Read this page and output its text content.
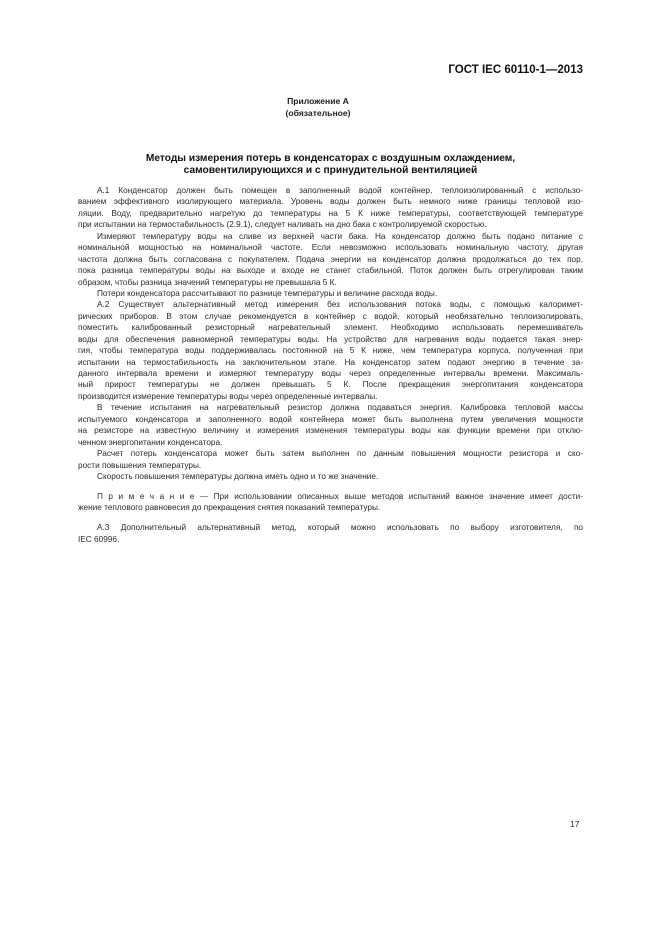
ГОСТ IEC 60110-1—2013
Приложение А
(обязательное)
Методы измерения потерь в конденсаторах с воздушным охлаждением,
самовентилирующихся и с принудительной вентиляцией
А.1 Конденсатор должен быть помещен в заполненный водой контейнер, теплоизолированный с использо-
ванием эффективного изолирующего материала. Уровень воды должен быть немного ниже границы тепловой изо-
ляции. Воду, предварительно нагретую до температуры на 5 К ниже температуры, соответствующей температуре
при испытании на термостабильность (2.9.1), следует наливать на дно бака с контролируемой скоростью.
Измеряют температуру воды на сливе из верхней части бака. На конденсатор должно быть подано питание с
номинальной мощностью на номинальной частоте. Если невозможно использовать номинальную частоту, другая
частота должна быть согласована с покупателем. Подача энергии на конденсатор должна продолжаться до тех пор,
пока разница температуры воды на выходе и входе не станет стабильной. Поток должен быть отрегулирован таким
образом, чтобы разница значений температуры не превышала 5 К.
Потери конденсатора рассчитывают по разнице температуры и величине расхода воды.
А.2 Существует альтернативный метод измерения без использования потока воды, с помощью калоримет-
рических приборов. В этом случае рекомендуется в контейнер с водой, который необязательно теплоизолировать,
поместить калиброванный резисторный нагревательный элемент. Необходимо использовать перемешиватель
воды для обеспечения равномерной температуры воды. На устройство для нагревания воды подается такая энер-
гия, чтобы температура воды поддерживалась постоянной на 5 К ниже, чем температура корпуса, полученная при
испытании на термостабильность на заключительном этапе. На конденсатор затем подают энергию в течение за-
данного интервала времени и измеряют температуру воды через определенные интервалы времени. Максималь-
ный прирост температуры не должен превышать 5 К. После прекращения энергопитания конденсатора
производится измерение температуры воды через определенные интервалы.
В течение испытания на нагревательный резистор должна подаваться энергия. Калибровка тепловой массы
испытуемого конденсатора и заполненного водой контейнера может быть выполнена путем увеличения мощности
на резисторе на известную величину и измерения изменения температуры воды как функции времени при отклю-
ченном энергопитании конденсатора.
Расчет потерь конденсатора может быть затем выполнен по данным повышения мощности резистора и ско-
рости повышения температуры.
Скорость повышения температуры должна иметь одно и то же значение.
П р и м е ч а н и е — При использовании описанных выше методов испытаний важное значение имеет дости-
жение теплового равновесия до прекращения снятия показаний температуры.
А.3 Дополнительный альтернативный метод, который можно использовать по выбору изготовителя, по
IEC 60996.
17
